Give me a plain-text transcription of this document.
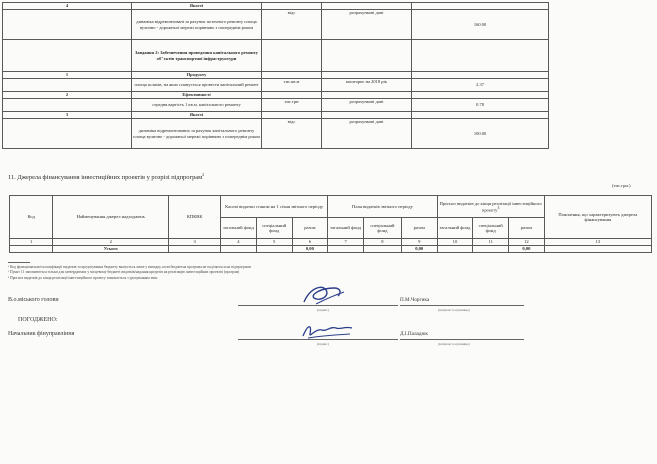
4	Якості			
	динаміка відремонтовані за рахунок поточного ремонту площа вулично - дорожньої мережі порівняно з попереднім роком	відс	розрахункові дані	160.00
	Завдання 2: Забезпечення проведення капітального ремонту об"єктів транспортної інфраструктури			
1	Продукту			
	площа шляхів, на яких планується провести капітальний ремонт	тис.кв.м	кошторис на 2018 рік	2.37
2	Ефективності			
	середня вартість 1 кв.м. капітального ремонту	тис.грн	розрахункові дані	0.78
3	Якості			
	динаміка відремонтованих за рахунок капітального ремонту площа вулично - дорожньої мережі порівняно з попереднім роком	відс	розрахункові дані	100.00
11. Джерела фінансування інвестиційних проектів у розрізі підпрограм$^2$
(тис.грн.)
Код	Найменування джерел надходжень	КПКВК	Касові видатки станом на 1 січня звітного періоду			План видатків звітного періоду			Прогноз видатків до кінця реалізації інвестиційного проекту$^3$			Пояснення, що характеризують джерела фінансування
			загальний фонд	спеціальний фонд	разом	загальний фонд	спеціальний фонд	разом	загальний фонд	спеціальний фонд	разом	
1	2	3	4	5	6	7	8	9	10	11	12	13
	Усього				0,00			0,00			0,00	
¹ Код функціональної класифікації видатків та кредитування бюджету вказується лише у випадку, коли бюджетна програма не поділяється на підпрограми
² Пункт 11 заповнюється тільки для затверджених у місцевому бюджеті видатків/надання кредитів на реалізацію інвестиційних проектів (програм)
³ Прогноз видатків до кінця реалізації інвестиційного проекту зазначається з урахуванням змін
В.о.міського голови
(підпис)
П.М.Чоргика
(ініціали та прізвище)
ПОГОДЖЕНО:
Начальник фінуправління
(підпис)
Д.І.Паладюк
(ініціали та прізвище)
